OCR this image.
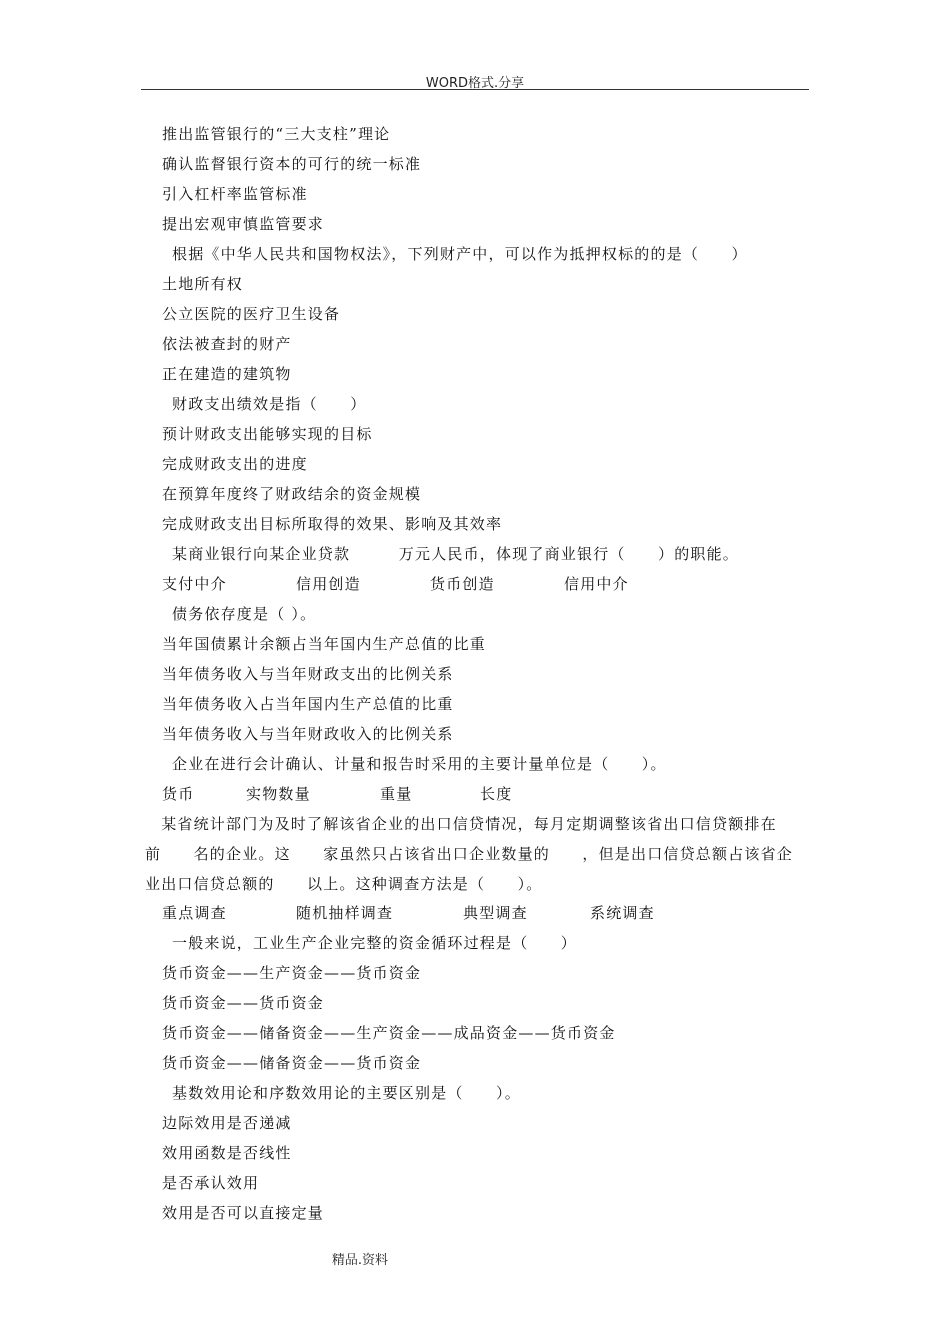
WORD格式.分享
推出监管银行的“三大支柱”理论
确认监督银行资本的可行的统一标准
引入杠杆率监管标准
提出宏观审慎监管要求
根据《中华人民共和国物权法》，下列财产中，可以作为抵押权标的的是（　　）
土地所有权
公立医院的医疗卫生设备
依法被查封的财产
正在建造的建筑物
财政支出绩效是指（　　）
预计财政支出能够实现的目标
完成财政支出的进度
在预算年度终了财政结余的资金规模
完成财政支出目标所取得的效果、影响及其效率
某商业银行向某企业贷款　　　万元人民币，体现了商业银行（　　）的职能。
支付中介	信用创造	货币创造	信用中介
债务依存度是（ ）。
当年国债累计余额占当年国内生产总值的比重
当年债务收入与当年财政支出的比例关系
当年债务收入占当年国内生产总值的比重
当年债务收入与当年财政收入的比例关系
企业在进行会计确认、计量和报告时采用的主要计量单位是（　　）。
货币	实物数量	重量	长度
　某省统计部门为及时了解该省企业的出口信贷情况，每月定期调整该省出口信贷额排在
前　　名的企业。这　　家虽然只占该省出口企业数量的　　，但是出口信贷总额占该省企
业出口信贷总额的　　以上。这种调查方法是（　　）。
重点调查	随机抽样调查	典型调查	系统调查
一般来说，工业生产企业完整的资金循环过程是（　　）
货币资金——生产资金——货币资金
货币资金——货币资金
货币资金——储备资金——生产资金——成品资金——货币资金
货币资金——储备资金——货币资金
基数效用论和序数效用论的主要区别是（　　）。
边际效用是否递减
效用函数是否线性
是否承认效用
效用是否可以直接定量
精品.资料
